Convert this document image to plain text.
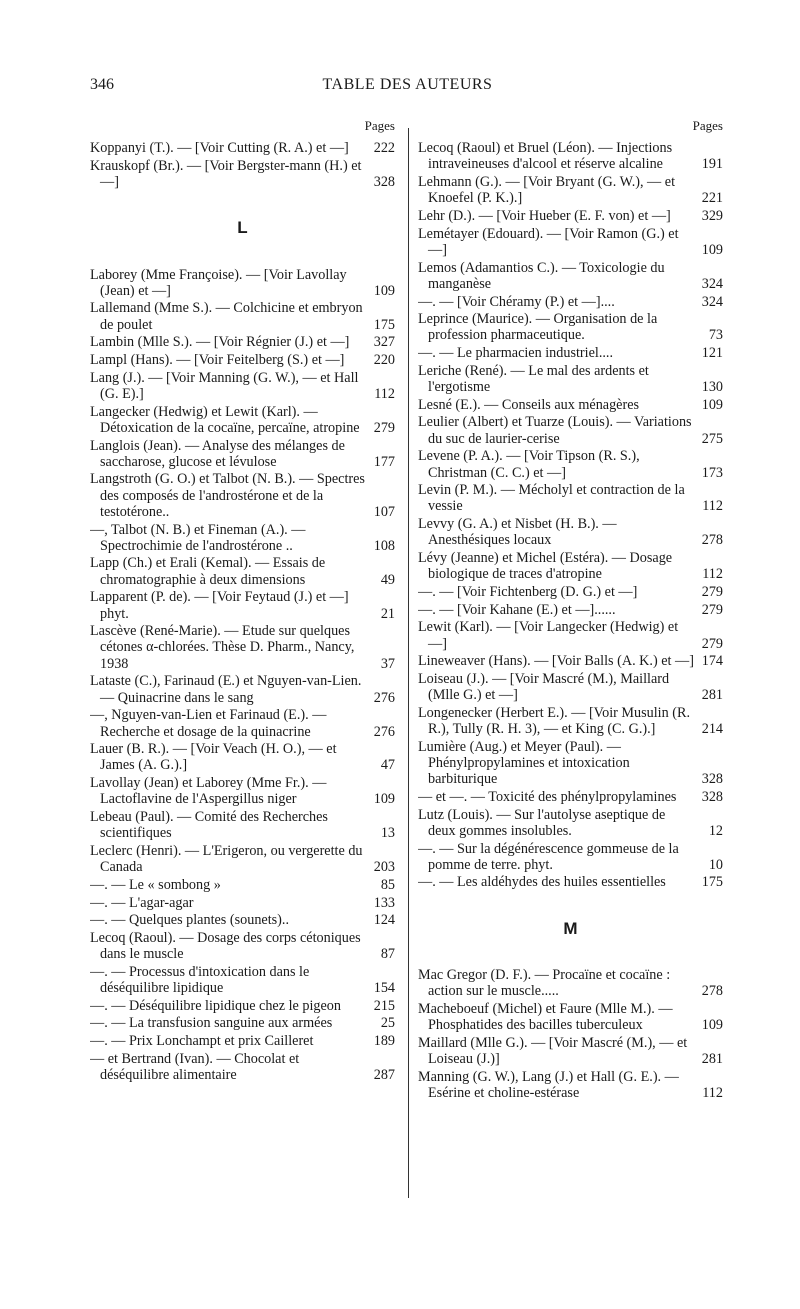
346	TABLE DES AUTEURS
Pages
Koppanyi (T.). — [Voir Cutting (R. A.) et —]	222
Krauskopf (Br.). — [Voir Bergster-mann (H.) et —]	328
L
Laborey (Mme Françoise). — [Voir Lavollay (Jean) et —]	109
Lallemand (Mme S.). — Colchicine et embryon de poulet	175
Lambin (Mlle S.). — [Voir Régnier (J.) et —]	327
Lampl (Hans). — [Voir Feitelberg (S.) et —]	220
Lang (J.). — [Voir Manning (G. W.), — et Hall (G. E).]	112
Langecker (Hedwig) et Lewit (Karl). — Détoxication de la cocaïne, percaïne, atropine 279
Langlois (Jean). — Analyse des mélanges de saccharose, glucose et lévulose	177
Langstroth (G. O.) et Talbot (N. B.). — Spectres des composés de l'androstérone et de la testotérone..	107
—, Talbot (N. B.) et Fineman (A.). — Spectrochimie de l'androstérone ..	108
Lapp (Ch.) et Erali (Kemal). — Essais de chromatographie à deux dimensions	49
Lapparent (P. de). — [Voir Feytaud (J.) et —] phyt.	21
Lascève (René-Marie). — Etude sur quelques cétones α-chlorées. Thèse D. Pharm., Nancy, 1938	37
Lataste (C.), Farinaud (E.) et Nguyen-van-Lien. — Quinacrine dans le sang	276
—, Nguyen-van-Lien et Farinaud (E.). — Recherche et dosage de la quinacrine	276
Lauer (B. R.). — [Voir Veach (H. O.), — et James (A. G.).]	47
Lavollay (Jean) et Laborey (Mme Fr.). —Lactoflavine de l'Aspergillus niger	109
Lebeau (Paul). — Comité des Recherches scientifiques	13
Leclerc (Henri). — L'Erigeron, ou vergerette du Canada	203
—. — Le « sombong »	85
—. — L'agar-agar	133
—. — Quelques plantes (sounets)..	124
Lecoq (Raoul). — Dosage des corps cétoniques dans le muscle	87
—. — Processus d'intoxication dans le déséquilibre lipidique	154
—. — Déséquilibre lipidique chez le pigeon	215
—. — La transfusion sanguine aux armées	25
—. — Prix Lonchampt et prix Cailleret	189
— et Bertrand (Ivan). — Chocolat et déséquilibre alimentaire	287
Pages
Lecoq (Raoul) et Bruel (Léon). — Injections intraveineuses d'alcool et réserve alcaline	191
Lehmann (G.). — [Voir Bryant (G. W.), — et Knoefel (P. K.).]	221
Lehr (D.). — [Voir Hueber (E. F. von) et —]	329
Lemétayer (Edouard). — [Voir Ramon (G.) et —]	109
Lemos (Adamantios C.). — Toxicologie du manganèse	324
—. — [Voir Chéramy (P.) et —]....	324
Leprince (Maurice). — Organisation de la profession pharmaceutique.	73
—. — Le pharmacien industriel....	121
Leriche (René). — Le mal des ardents et l'ergotisme	130
Lesné (E.). — Conseils aux ménagères	109
Leulier (Albert) et Tuarze (Louis). — Variations du suc de laurier-cerise	275
Levene (P. A.). — [Voir Tipson (R. S.), Christman (C. C.) et —]	173
Levin (P. M.). — Mécholyl et contraction de la vessie	112
Levvy (G. A.) et Nisbet (H. B.). — Anesthésiques locaux	278
Lévy (Jeanne) et Michel (Estéra). — Dosage biologique de traces d'atropine	112
—. — [Voir Fichtenberg (D. G.) et —]	279
—. — [Voir Kahane (E.) et —]......	279
Lewit (Karl). — [Voir Langecker (Hedwig) et —]	279
Lineweaver (Hans). — [Voir Balls (A. K.) et —] 174
Loiseau (J.). — [Voir Mascré (M.), Maillard (Mlle G.) et —]	281
Longenecker (Herbert E.). — [Voir Musulin (R. R.), Tully (R. H. 3), — et King (C. G.).]	214
Lumière (Aug.) et Meyer (Paul). — Phénylpropylamines et intoxication barbiturique	328
— et —. — Toxicité des phénylpropylamines	328
Lutz (Louis). — Sur l'autolyse aseptique de deux gommes insolubles.	12
—. — Sur la dégénérescence gommeuse de la pomme de terre. phyt.	10
—. — Les aldéhydes des huiles essentielles	175
M
Mac Gregor (D. F.). — Procaïne et cocaïne : action sur le muscle.....	278
Macheboeuf (Michel) et Faure (Mlle M.). — Phosphatides des bacilles tuberculeux	109
Maillard (Mlle G.). — [Voir Mascré (M.), — et Loiseau (J.)]	281
Manning (G. W.), Lang (J.) et Hall (G. E.). — Esérine et choline-estérase	112
